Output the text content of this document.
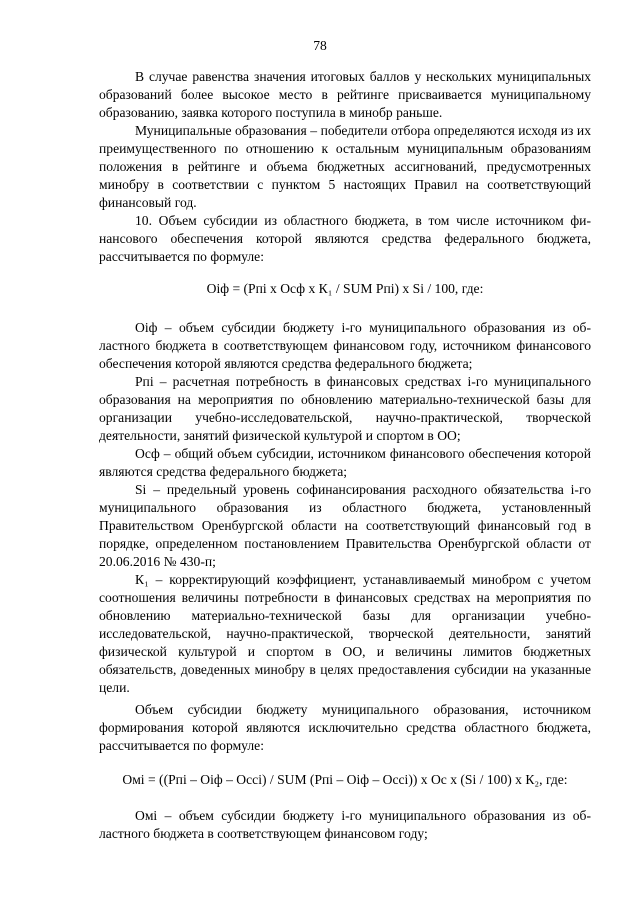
78

В случае равенства значения итоговых баллов у нескольких муниципальных образований более высокое место в рейтинге присваивается муниципальному образованию, заявка которого поступила в минобр раньше.

Муниципальные образования – победители отбора определяются исходя из их преимущественного по отношению к остальным муниципальным образованиям положения в рейтинге и объема бюджетных ассигнований, предусмотренных минобру в соответствии с пунктом 5 настоящих Правил на соответствующий финансовый год.

10. Объем субсидии из областного бюджета, в том числе источником финансового обеспечения которой являются средства федерального бюджета, рассчитывается по формуле:

Оiф = (Рпi х Осф х К₁ / SUM Рпi) х Si / 100, где:

Оiф – объем субсидии бюджету i-го муниципального образования из областного бюджета в соответствующем финансовом году, источником финансового обеспечения которой являются средства федерального бюджета;

Рпi – расчетная потребность в финансовых средствах i-го муниципального образования на мероприятия по обновлению материально-технической базы для организации учебно-исследовательской, научно-практической, творческой деятельности, занятий физической культурой и спортом в ОО;

Осф – общий объем субсидии, источником финансового обеспечения которой являются средства федерального бюджета;

Si – предельный уровень софинансирования расходного обязательства i-го муниципального образования из областного бюджета, установленный Правительством Оренбургской области на соответствующий финансовый год в порядке, определенном постановлением Правительства Оренбургской области от 20.06.2016 № 430-п;

К₁ – корректирующий коэффициент, устанавливаемый минобром с учетом соотношения величины потребности в финансовых средствах на мероприятия по обновлению материально-технической базы для организации учебно-исследовательской, научно-практической, творческой деятельности, занятий физической культурой и спортом в ОО, и величины лимитов бюджетных обязательств, доведенных минобру в целях предоставления субсидии на указанные цели.

Объем субсидии бюджету муниципального образования, источником формирования которой являются исключительно средства областного бюджета, рассчитывается по формуле:

Омi = ((Рпi – Оiф – Осci) / SUM (Рпi – Оiф – Осci)) х Ос х (Si / 100) х К₂, где:

Омi – объем субсидии бюджету i-го муниципального образования из областного бюджета в соответствующем финансовом году;
